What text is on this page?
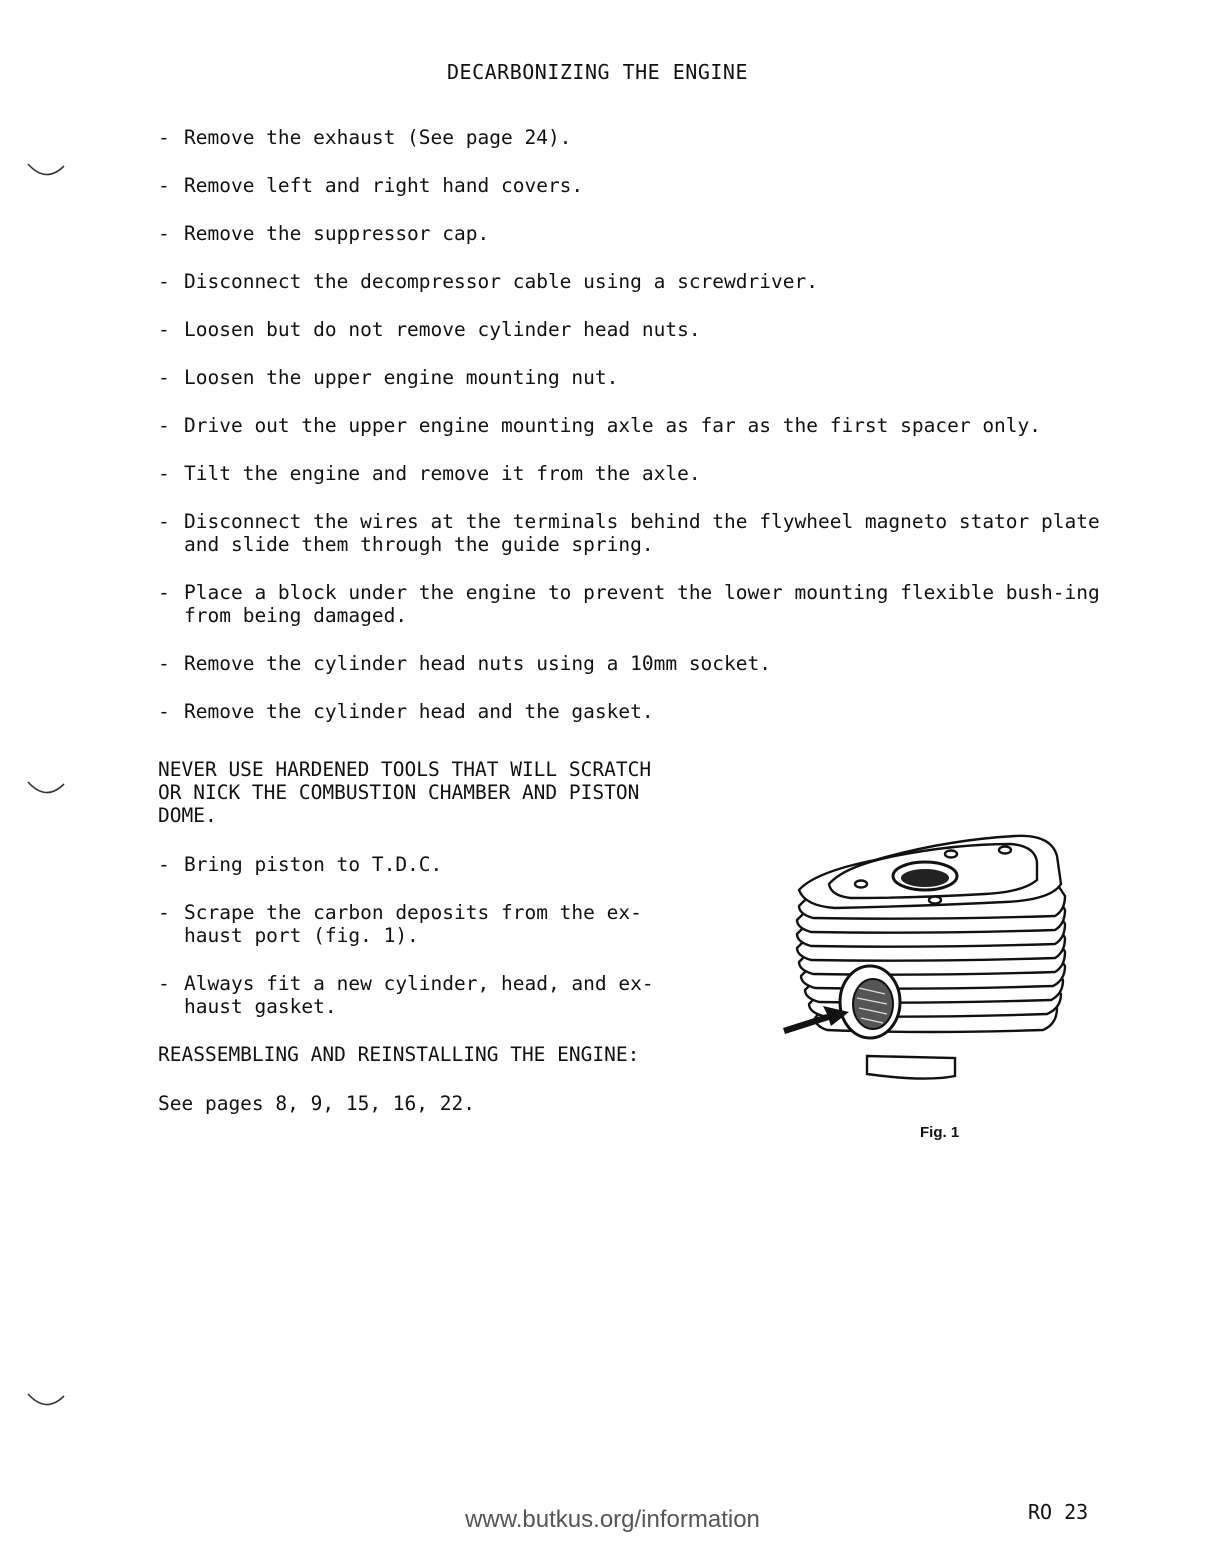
DECARBONIZING THE ENGINE
- Remove the exhaust (See page 24).
- Remove left and right hand covers.
- Remove the suppressor cap.
- Disconnect the decompressor cable using a screwdriver.
- Loosen but do not remove cylinder head nuts.
- Loosen the upper engine mounting nut.
- Drive out the upper engine mounting axle as far as the first spacer only.
- Tilt the engine and remove it from the axle.
- Disconnect the wires at the terminals behind the flywheel magneto stator plate and slide them through the guide spring.
- Place a block under the engine to prevent the lower mounting flexible bush-ing from being damaged.
- Remove the cylinder head nuts using a 10mm socket.
- Remove the cylinder head and the gasket.
NEVER USE HARDENED TOOLS THAT WILL SCRATCH
OR NICK THE COMBUSTION CHAMBER AND PISTON
DOME.
- Bring piston to T.D.C.
- Scrape the carbon deposits from the ex-haust port (fig. 1).
- Always fit a new cylinder, head, and ex-haust gasket.
REASSEMBLING AND REINSTALLING THE ENGINE:
See pages 8, 9, 15, 16, 22.
Fig. 1
www.butkus.org/information	RO 23
